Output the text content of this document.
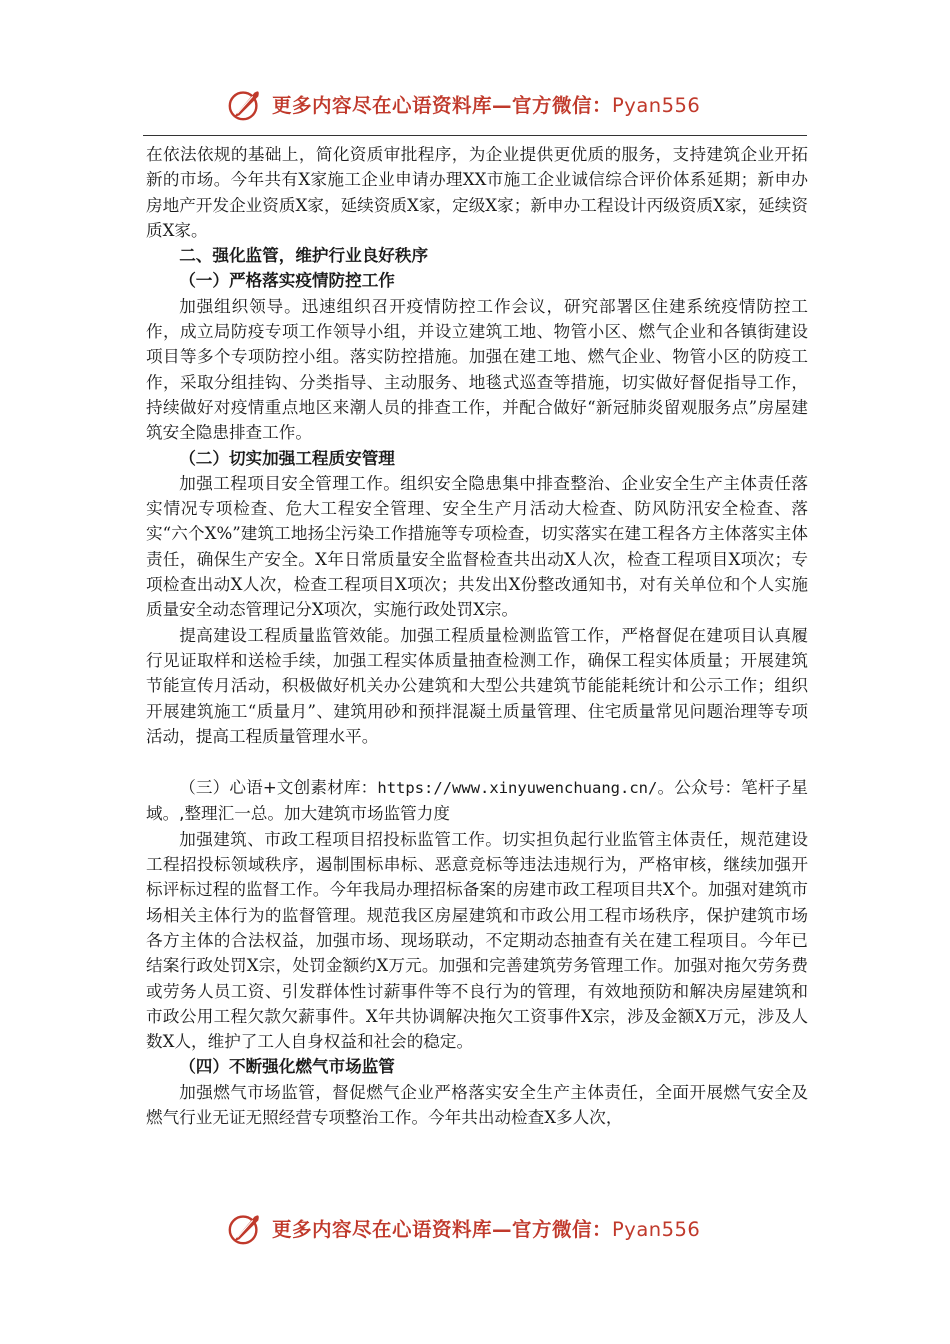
更多内容尽在心语资料库—官方微信：Pyan556

在依法依规的基础上，简化资质审批程序，为企业提供更优质的服务，支持建筑企业开拓新的市场。今年共有X家施工企业申请办理XX市施工企业诚信综合评价体系延期；新申办房地产开发企业资质X家，延续资质X家，定级X家；新申办工程设计丙级资质X家，延续资质X家。

二、强化监管，维护行业良好秩序

（一）严格落实疫情防控工作

加强组织领导。迅速组织召开疫情防控工作会议，研究部署区住建系统疫情防控工作，成立局防疫专项工作领导小组，并设立建筑工地、物管小区、燃气企业和各镇街建设项目等多个专项防控小组。落实防控措施。加强在建工地、燃气企业、物管小区的防疫工作，采取分组挂钩、分类指导、主动服务、地毯式巡查等措施，切实做好督促指导工作，持续做好对疫情重点地区来潮人员的排查工作，并配合做好“新冠肺炎留观服务点”房屋建筑安全隐患排查工作。

（二）切实加强工程质安管理

加强工程项目安全管理工作。组织安全隐患集中排查整治、企业安全生产主体责任落实情况专项检查、危大工程安全管理、安全生产月活动大检查、防风防汛安全检查、落实“六个X%”建筑工地扬尘污染工作措施等专项检查，切实落实在建工程各方主体落实主体责任，确保生产安全。X年日常质量安全监督检查共出动X人次，检查工程项目X项次；专项检查出动X人次，检查工程项目X项次；共发出X份整改通知书，对有关单位和个人实施质量安全动态管理记分X项次，实施行政处罚X宗。

提高建设工程质量监管效能。加强工程质量检测监管工作，严格督促在建项目认真履行见证取样和送检手续，加强工程实体质量抽查检测工作，确保工程实体质量；开展建筑节能宣传月活动，积极做好机关办公建筑和大型公共建筑节能能耗统计和公示工作；组织开展建筑施工“质量月”、建筑用砂和预拌混凝土质量管理、住宅质量常见问题治理等专项活动，提高工程质量管理水平。

（三）心语+文创素材库：https://www.xinyuwenchuang.cn/。公众号：笔杆子星域。,整理汇一总。加大建筑市场监管力度

加强建筑、市政工程项目招投标监管工作。切实担负起行业监管主体责任，规范建设工程招投标领域秩序，遏制围标串标、恶意竞标等违法违规行为，严格审核，继续加强开标评标过程的监督工作。今年我局办理招标备案的房建市政工程项目共X个。加强对建筑市场相关主体行为的监督管理。规范我区房屋建筑和市政公用工程市场秩序，保护建筑市场各方主体的合法权益，加强市场、现场联动，不定期动态抽查有关在建工程项目。今年已结案行政处罚X宗，处罚金额约X万元。加强和完善建筑劳务管理工作。加强对拖欠劳务费或劳务人员工资、引发群体性讨薪事件等不良行为的管理，有效地预防和解决房屋建筑和市政公用工程欠款欠薪事件。X年共协调解决拖欠工资事件X宗，涉及金额X万元，涉及人数X人，维护了工人自身权益和社会的稳定。

（四）不断强化燃气市场监管

加强燃气市场监管，督促燃气企业严格落实安全生产主体责任，全面开展燃气安全及燃气行业无证无照经营专项整治工作。今年共出动检查X多人次，

更多内容尽在心语资料库—官方微信：Pyan556
